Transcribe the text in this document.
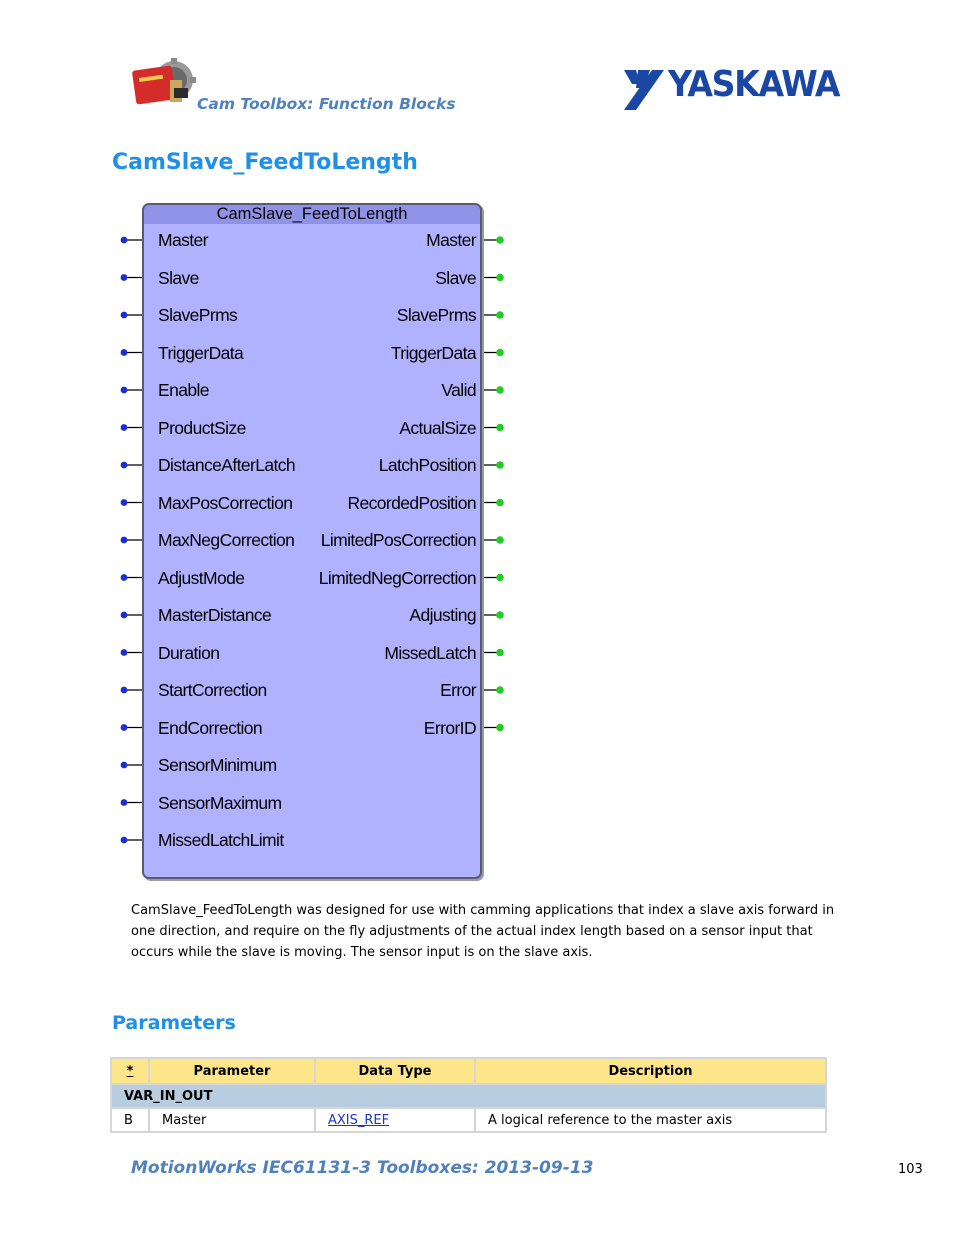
Cam Toolbox: Function Blocks	YASKAWA
CamSlave_FeedToLength
CamSlave_FeedToLength
Master
Slave
SlavePrms
TriggerData
Enable
ProductSize
DistanceAfterLatch
MaxPosCorrection
MaxNegCorrection
AdjustMode
MasterDistance
Duration
StartCorrection
EndCorrection
SensorMinimum
SensorMaximum
MissedLatchLimit
Master
Slave
SlavePrms
TriggerData
Valid
ActualSize
LatchPosition
RecordedPosition
LimitedPosCorrection
LimitedNegCorrection
Adjusting
MissedLatch
Error
ErrorID

CamSlave_FeedToLength was designed for use with camming applications that index a slave axis forward in one direction, and require on the fly adjustments of the actual index length based on a sensor input that occurs while the slave is moving. The sensor input is on the slave axis.

Parameters
*	Parameter	Data Type	Description
VAR_IN_OUT			
B	Master	AXIS_REF	A logical reference to the master axis
MotionWorks IEC61131-3 Toolboxes: 2013-09-13	103
